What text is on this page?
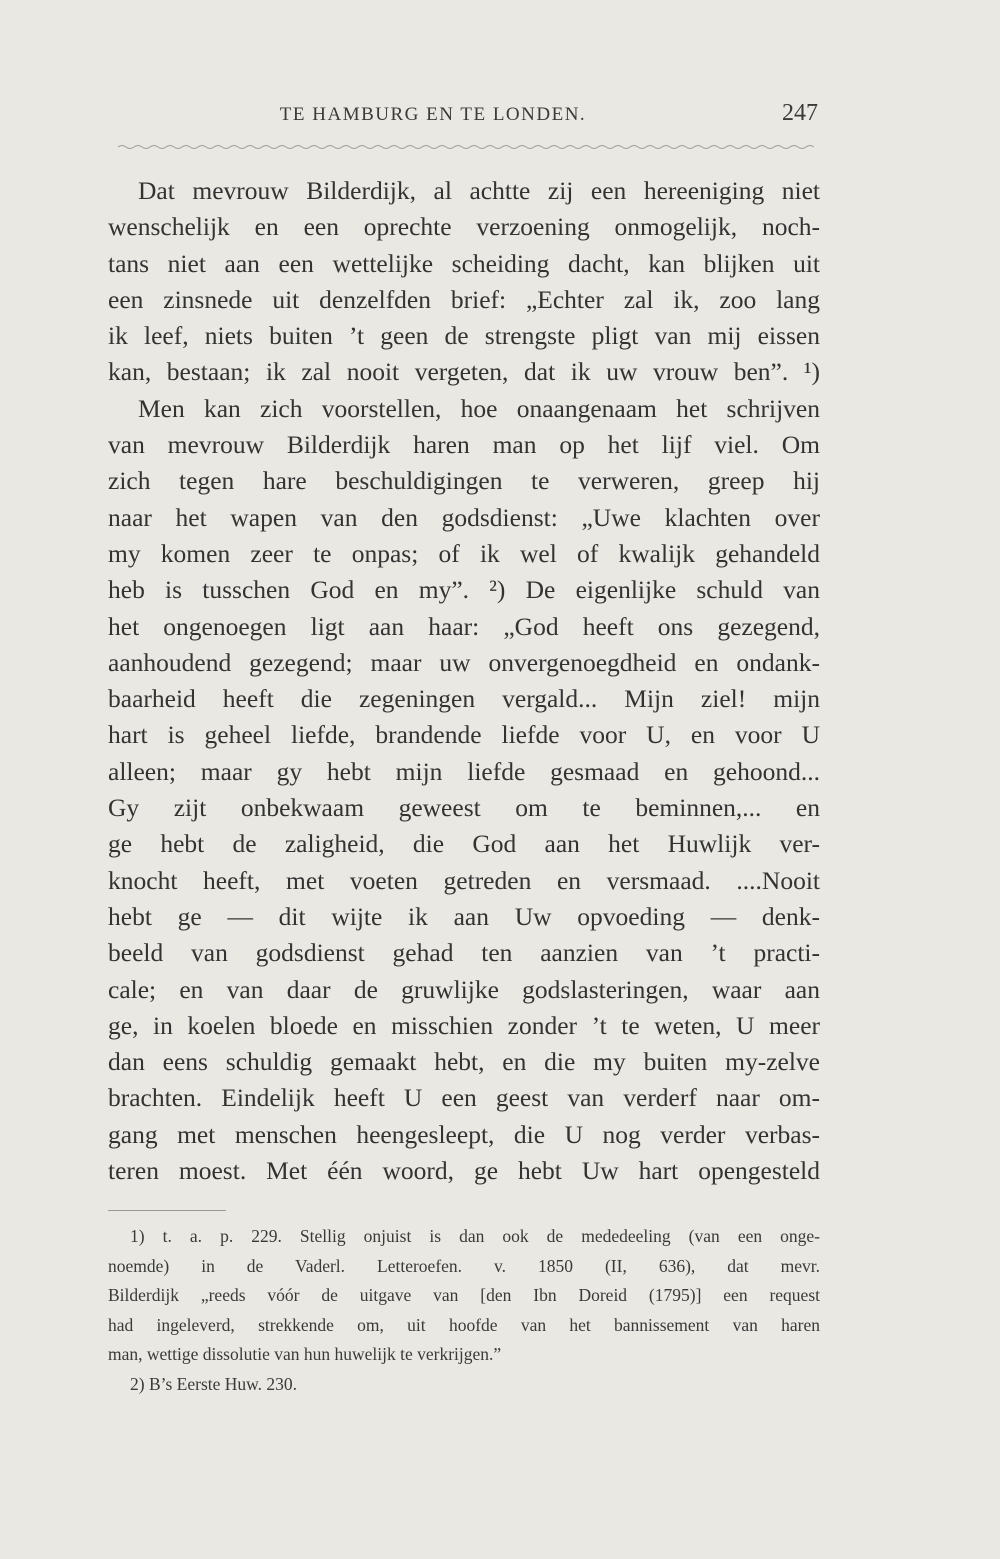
TE HAMBURG EN TE LONDEN.	247
Dat mevrouw Bilderdijk, al achtte zij een hereeniging niet
wenschelijk en een oprechte verzoening onmogelijk, noch-
tans niet aan een wettelijke scheiding dacht, kan blijken uit
een zinsnede uit denzelfden brief: „Echter zal ik, zoo lang
ik leef, niets buiten ’t geen de strengste pligt van mij eissen
kan, bestaan; ik zal nooit vergeten, dat ik uw vrouw ben”. ¹)
Men kan zich voorstellen, hoe onaangenaam het schrijven
van mevrouw Bilderdijk haren man op het lijf viel. Om
zich tegen hare beschuldigingen te verweren, greep hij
naar het wapen van den godsdienst: „Uwe klachten over
my komen zeer te onpas; of ik wel of kwalijk gehandeld
heb is tusschen God en my”. ²) De eigenlijke schuld van
het ongenoegen ligt aan haar: „God heeft ons gezegend,
aanhoudend gezegend; maar uw onvergenoegdheid en ondank-
baarheid heeft die zegeningen vergald... Mijn ziel! mijn
hart is geheel liefde, brandende liefde voor U, en voor U
alleen; maar gy hebt mijn liefde gesmaad en gehoond...
Gy zijt onbekwaam geweest om te beminnen,... en
ge hebt de zaligheid, die God aan het Huwlijk ver-
knocht heeft, met voeten getreden en versmaad. ....Nooit
hebt ge — dit wijte ik aan Uw opvoeding — denk-
beeld van godsdienst gehad ten aanzien van ’t practi-
cale; en van daar de gruwlijke godslasteringen, waar aan
ge, in koelen bloede en misschien zonder ’t te weten, U meer
dan eens schuldig gemaakt hebt, en die my buiten my-zelve
brachten. Eindelijk heeft U een geest van verderf naar om-
gang met menschen heengesleept, die U nog verder verbas-
teren moest. Met één woord, ge hebt Uw hart opengesteld
1) t. a. p. 229. Stellig onjuist is dan ook de mededeeling (van een onge-
noemde) in de Vaderl. Letteroefen. v. 1850 (II, 636), dat mevr.
Bilderdijk „reeds vóór de uitgave van [den Ibn Doreid (1795)] een request
had ingeleverd, strekkende om, uit hoofde van het bannissement van haren
man, wettige dissolutie van hun huwelijk te verkrijgen.”
2) B’s Eerste Huw. 230.
